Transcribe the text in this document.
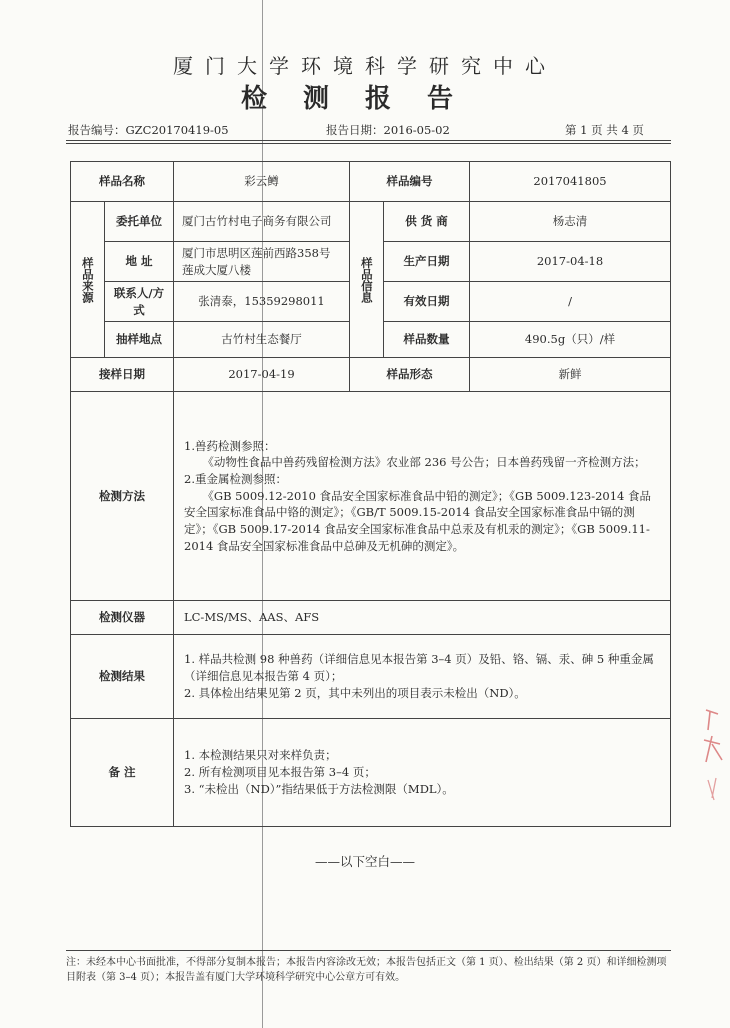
厦门大学环境科学研究中心
检测报告
报告编号：GZC20170419-05	报告日期：2016-05-02	第 1 页 共 4 页
样品名称		彩云鳟	样品编号		2017041805

样品来源	委托单位	厦门古竹村电子商务有限公司	样品信息	供 货 商	杨志清
	地 址	厦门市思明区莲前西路358号莲成大厦八楼		生产日期	2017-04-18
	联系人/方式	张清泰，15359298011		有效日期	/
	抽样地点	古竹村生态餐厅		样品数量	490.5g（只）/样
接样日期		2017-04-19	样品形态		新鲜
检测方法		1.兽药检测参照：

《动物性食品中兽药残留检测方法》农业部 236 号公告；日本兽药残留一齐检测方法；

2.重金属检测参照：

《GB 5009.12-2010 食品安全国家标准食品中铅的测定》；《GB 5009.123-2014 食品安全国家标准食品中铬的测定》；《GB/T 5009.15-2014 食品安全国家标准食品中镉的测定》；《GB 5009.17-2014 食品安全国家标准食品中总汞及有机汞的测定》；《GB 5009.11-2014 食品安全国家标准食品中总砷及无机砷的测定》。			

检测仪器		LC-MS/MS、AAS、AFS			
检测结果		1. 样品共检测 98 种兽药（详细信息见本报告第 3–4 页）及铅、铬、镉、汞、砷 5 种重金属（详细信息见本报告第 4 页）；

2. 具体检出结果见第 2 页，其中未列出的项目表示未检出（ND）。			

备 注		1. 本检测结果只对来样负责；

2. 所有检测项目见本报告第 3–4 页；

3. “未检出（ND）”指结果低于方法检测限（MDL）。			

——以下空白——
注：未经本中心书面批准，不得部分复制本报告；本报告内容涂改无效；本报告包括正文（第 1 页）、检出结果（第 2 页）和详细检测项目附表（第 3–4 页）；本报告盖有厦门大学环境科学研究中心公章方可有效。
